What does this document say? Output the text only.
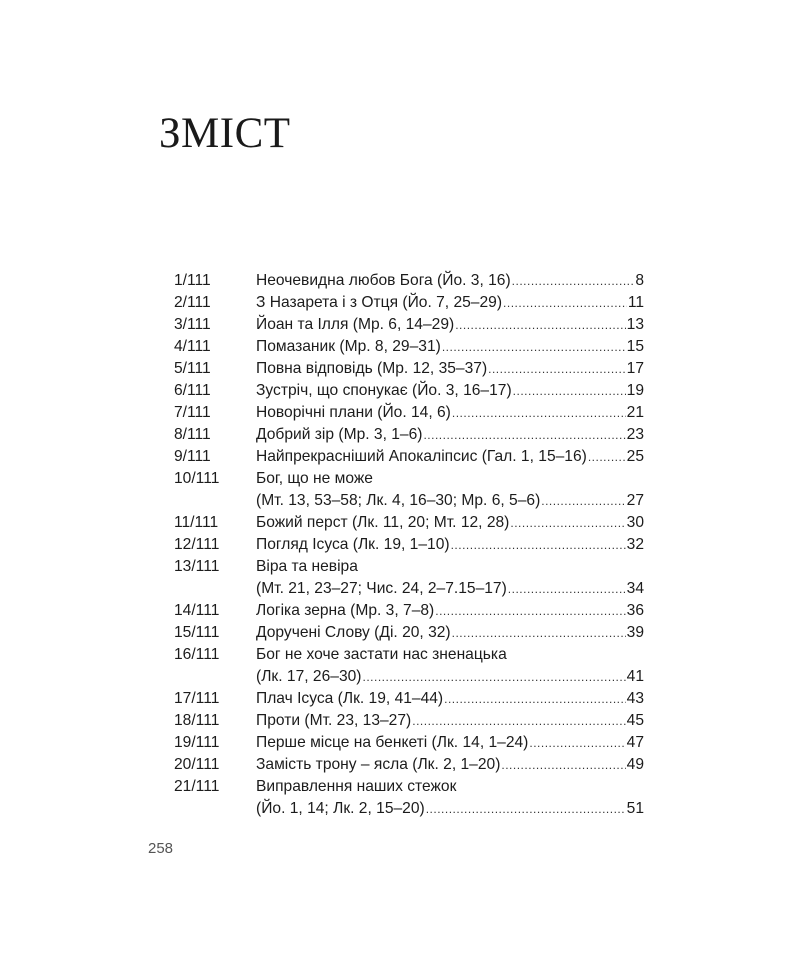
ЗМІСТ
1/111	Неочевидна любов Бога (Йо. 3, 16) .....	8
2/111	З Назарета і з Отця (Йо. 7, 25–29) .....	11
3/111	Йоан та Ілля (Мр. 6, 14–29) .....	13
4/111	Помазаник (Мр. 8, 29–31) .....	15
5/111	Повна відповідь (Мр. 12, 35–37) .....	17
6/111	Зустріч, що спонукає (Йо. 3, 16–17) .....	19
7/111	Новорічні плани (Йо. 14, 6) .....	21
8/111	Добрий зір (Мр. 3, 1–6) .....	23
9/111	Найпрекрасніший Апокаліпсис (Гал. 1, 15–16) .....	25
10/111	Бог, що не може
(Мт. 13, 53–58; Лк. 4, 16–30; Мр. 6, 5–6) .....	27
11/111	Божий перст (Лк. 11, 20; Мт. 12, 28) .....	30
12/111	Погляд Ісуса (Лк. 19, 1–10) .....	32
13/111	Віра та невіра
(Мт. 21, 23–27; Чис. 24, 2–7.15–17) .....	34
14/111	Логіка зерна (Мр. 3, 7–8) .....	36
15/111	Доручені Слову (Ді. 20, 32) .....	39
16/111	Бог не хоче застати нас зненацька
(Лк. 17, 26–30) .....	41
17/111	Плач Ісуса (Лк. 19, 41–44) .....	43
18/111	Проти (Мт. 23, 13–27) .....	45
19/111	Перше місце на бенкеті (Лк. 14, 1–24) .....	47
20/111	Замість трону – ясла (Лк. 2, 1–20) .....	49
21/111	Виправлення наших стежок
(Йо. 1, 14; Лк. 2, 15–20) .....	51
258
